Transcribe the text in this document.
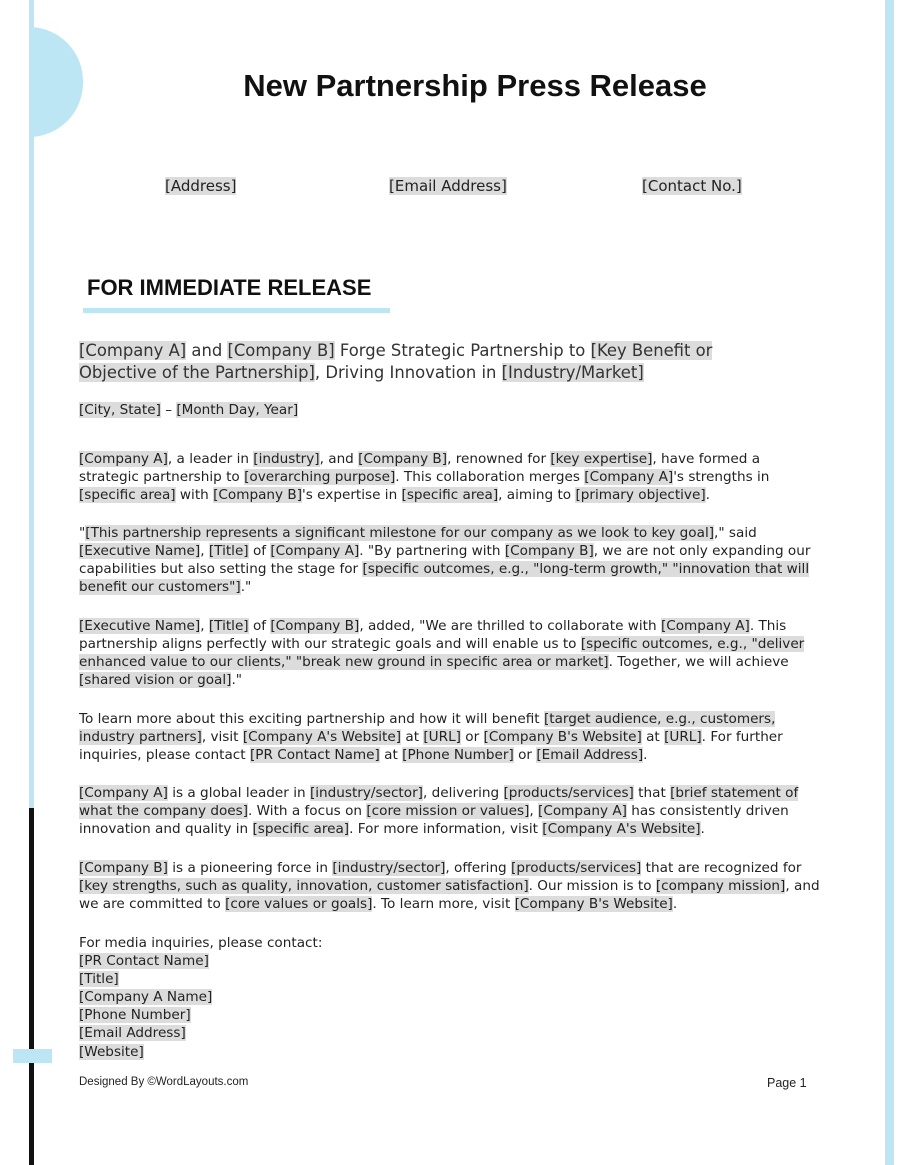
New Partnership Press Release
[Address]	[Email Address]	[Contact No.]
FOR IMMEDIATE RELEASE
[Company A] and [Company B] Forge Strategic Partnership to [Key Benefit or Objective of the Partnership], Driving Innovation in [Industry/Market]
[City, State] – [Month Day, Year]
[Company A], a leader in [industry], and [Company B], renowned for [key expertise], have formed a strategic partnership to [overarching purpose]. This collaboration merges [Company A]'s strengths in [specific area] with [Company B]'s expertise in [specific area], aiming to [primary objective].
"[This partnership represents a significant milestone for our company as we look to key goal]," said [Executive Name], [Title] of [Company A]. "By partnering with [Company B], we are not only expanding our capabilities but also setting the stage for [specific outcomes, e.g., "long-term growth," "innovation that will benefit our customers"]."
[Executive Name], [Title] of [Company B], added, "We are thrilled to collaborate with [Company A]. This partnership aligns perfectly with our strategic goals and will enable us to [specific outcomes, e.g., "deliver enhanced value to our clients," "break new ground in specific area or market]. Together, we will achieve [shared vision or goal]."
To learn more about this exciting partnership and how it will benefit [target audience, e.g., customers, industry partners], visit [Company A's Website] at [URL] or [Company B's Website] at [URL]. For further inquiries, please contact [PR Contact Name] at [Phone Number] or [Email Address].
[Company A] is a global leader in [industry/sector], delivering [products/services] that [brief statement of what the company does]. With a focus on [core mission or values], [Company A] has consistently driven innovation and quality in [specific area]. For more information, visit [Company A's Website].
[Company B] is a pioneering force in [industry/sector], offering [products/services] that are recognized for [key strengths, such as quality, innovation, customer satisfaction]. Our mission is to [company mission], and we are committed to [core values or goals]. To learn more, visit [Company B's Website].
For media inquiries, please contact:
[PR Contact Name]
[Title]
[Company A Name]
[Phone Number]
[Email Address]
[Website]
Designed By ©WordLayouts.com	Page 1
